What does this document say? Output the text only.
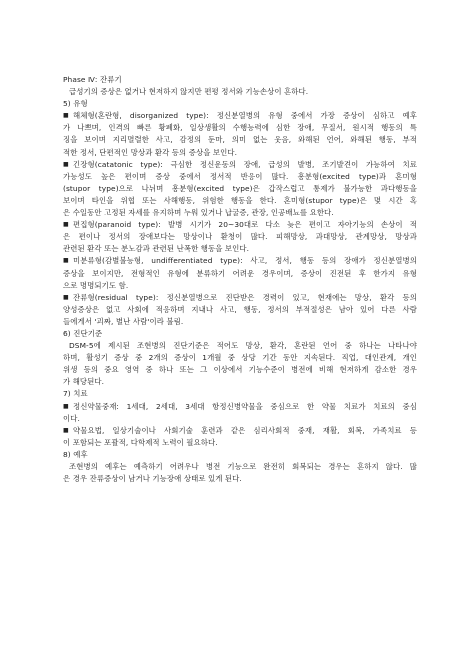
Phase Ⅳ: 잔류기
급성기의 증상은 없거나 현저하지 않지만 편평 정서와 기능손상이 흔하다.
5) 유형
■ 해체형(혼란형, disorganized type): 정신분열병의 유형 중에서 가장 증상이 심하고 예후
가 나쁘며, 인격의 빠른 황폐화, 일상생활의 수행능력에 심한 장애, 무질서, 원시적 행동의 특
징을 보이며 지리멸렬한 사고, 감정의 둔마, 의미 없는 웃음, 와해된 언어, 와해된 행동, 부적
적한 정서, 단편적인 망상과 환각 등의 증상을 보인다.
■ 긴장형(catatonic type): 극심한 정신운동의 장애, 급성의 발병, 조기발견이 가능하여 치료
가능성도 높은 편이며 증상 중에서 정서적 반응이 많다. 흥분형(excited type)과 혼미형
(stupor type)으로 나뉘며 흥분형(excited type)은 갑작스럽고 통제가 불가능한 과다행동을
보이며 타인을 위협 또는 사해행동, 위험한 행동을 한다. 혼미형(stupor type)은 몇 시간 혹
은 수일동안 고정된 자세를 유지하며 누워 있거나 납굴증, 관장, 인공배뇨를 요한다.
■ 편집형(paranoid type): 발병 시기가 20~30대로 다소 늦은 편이고 자아기능의 손상이 적
은 편이나 정서의 장애보다는 망상이나 환청이 많다. 피해망상, 과대망상, 관계망상, 망상과
관련된 환각 또는 분노감과 관련된 난폭한 행동을 보인다.
■ 미분류형(감별불능형, undifferentiated type): 사고, 정서, 행동 등의 장애가 정신분열병의
증상을 보이지만, 전형적인 유형에 분류하기 어려운 경우이며, 증상이 진전된 후 한가지 유형
으로 명명되기도 함.
■ 잔류형(residual type): 정신분열병으로 진단받은 경력이 있고, 현재에는 망상, 환각 등의
양성증상은 없고 사회에 적응하며 지내나 사고, 행동, 정서의 부적절성은 남아 있어 다른 사람
들에게서 '괴짜, 별난 사람'이라 불림.
6) 진단기준
DSM-5에 제시된 조현병의 진단기준은 적어도 망상, 환각, 혼란된 언어 중 하나는 나타나야
하며, 활성기 증상 중 2개의 증상이 1개월 중 상당 기간 동안 지속된다. 직업, 대인관계, 개인
위생 등의 중요 영역 중 하나 또는 그 이상에서 기능수준이 병전에 비해 현저하게 감소한 경우
가 해당된다.
7) 치료
■ 정신약물중재: 1세대, 2세대, 3세대 항정신병약물을 중심으로 한 약물 치료가 치료의 중심
이다.
■ 약물요법, 일상기술이나 사회기술 훈련과 같은 심리사회적 중재, 재활, 회복, 가족치료 등
이 포함되는 포괄적, 다학제적 노력이 필요하다.
8) 예후
조현병의 예후는 예측하기 어려우나 병전 기능으로 완전히 회복되는 경우는 흔하지 않다. 많
은 경우 잔류증상이 남거나 기능장애 상태로 있게 된다.
